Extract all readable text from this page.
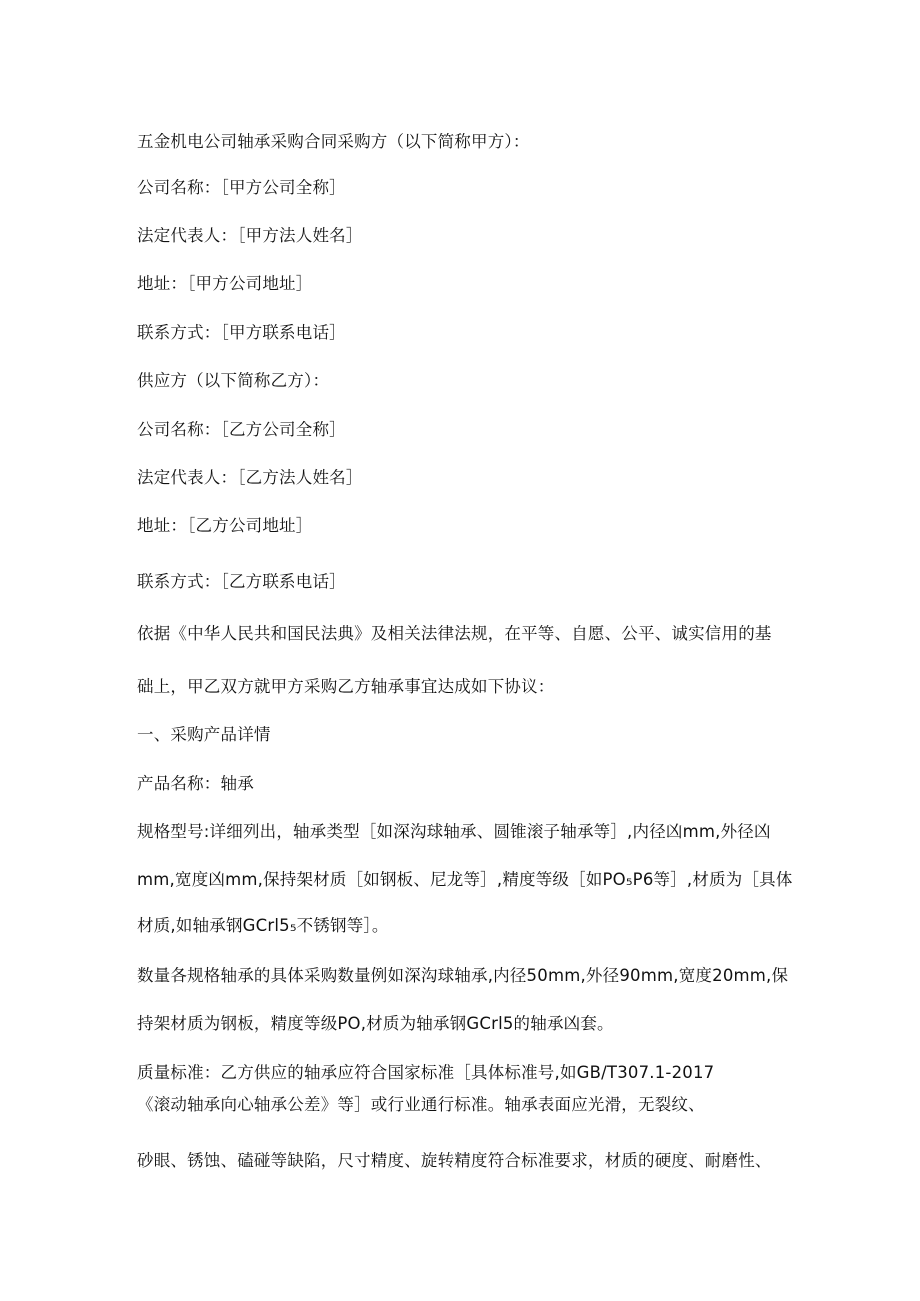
五金机电公司轴承采购合同采购方（以下简称甲方）：

公司名称：［甲方公司全称］

法定代表人：［甲方法人姓名］

地址：［甲方公司地址］

联系方式：［甲方联系电话］

供应方（以下简称乙方）：

公司名称：［乙方公司全称］

法定代表人：［乙方法人姓名］

地址：［乙方公司地址］

联系方式：［乙方联系电话］

依据《中华人民共和国民法典》及相关法律法规，在平等、自愿、公平、诚实信用的基

础上，甲乙双方就甲方采购乙方轴承事宜达成如下协议：

一、采购产品详情

产品名称：轴承

规格型号:详细列出，轴承类型［如深沟球轴承、圆锥滚子轴承等］,内径凶mm,外径凶

mm,宽度凶mm,保持架材质［如钢板、尼龙等］,精度等级［如PO₅P6等］,材质为［具体

材质,如轴承钢GCrl5₅不锈钢等］。

数量各规格轴承的具体采购数量例如深沟球轴承,内径50mm,外径90mm,宽度20mm,保

持架材质为钢板，精度等级PO,材质为轴承钢GCrl5的轴承凶套。

质量标准：乙方供应的轴承应符合国家标准［具体标准号,如GB/T307.1-2017

《滚动轴承向心轴承公差》等］或行业通行标准。轴承表面应光滑，无裂纹、

砂眼、锈蚀、磕碰等缺陷，尺寸精度、旋转精度符合标准要求，材质的硬度、耐磨性、
